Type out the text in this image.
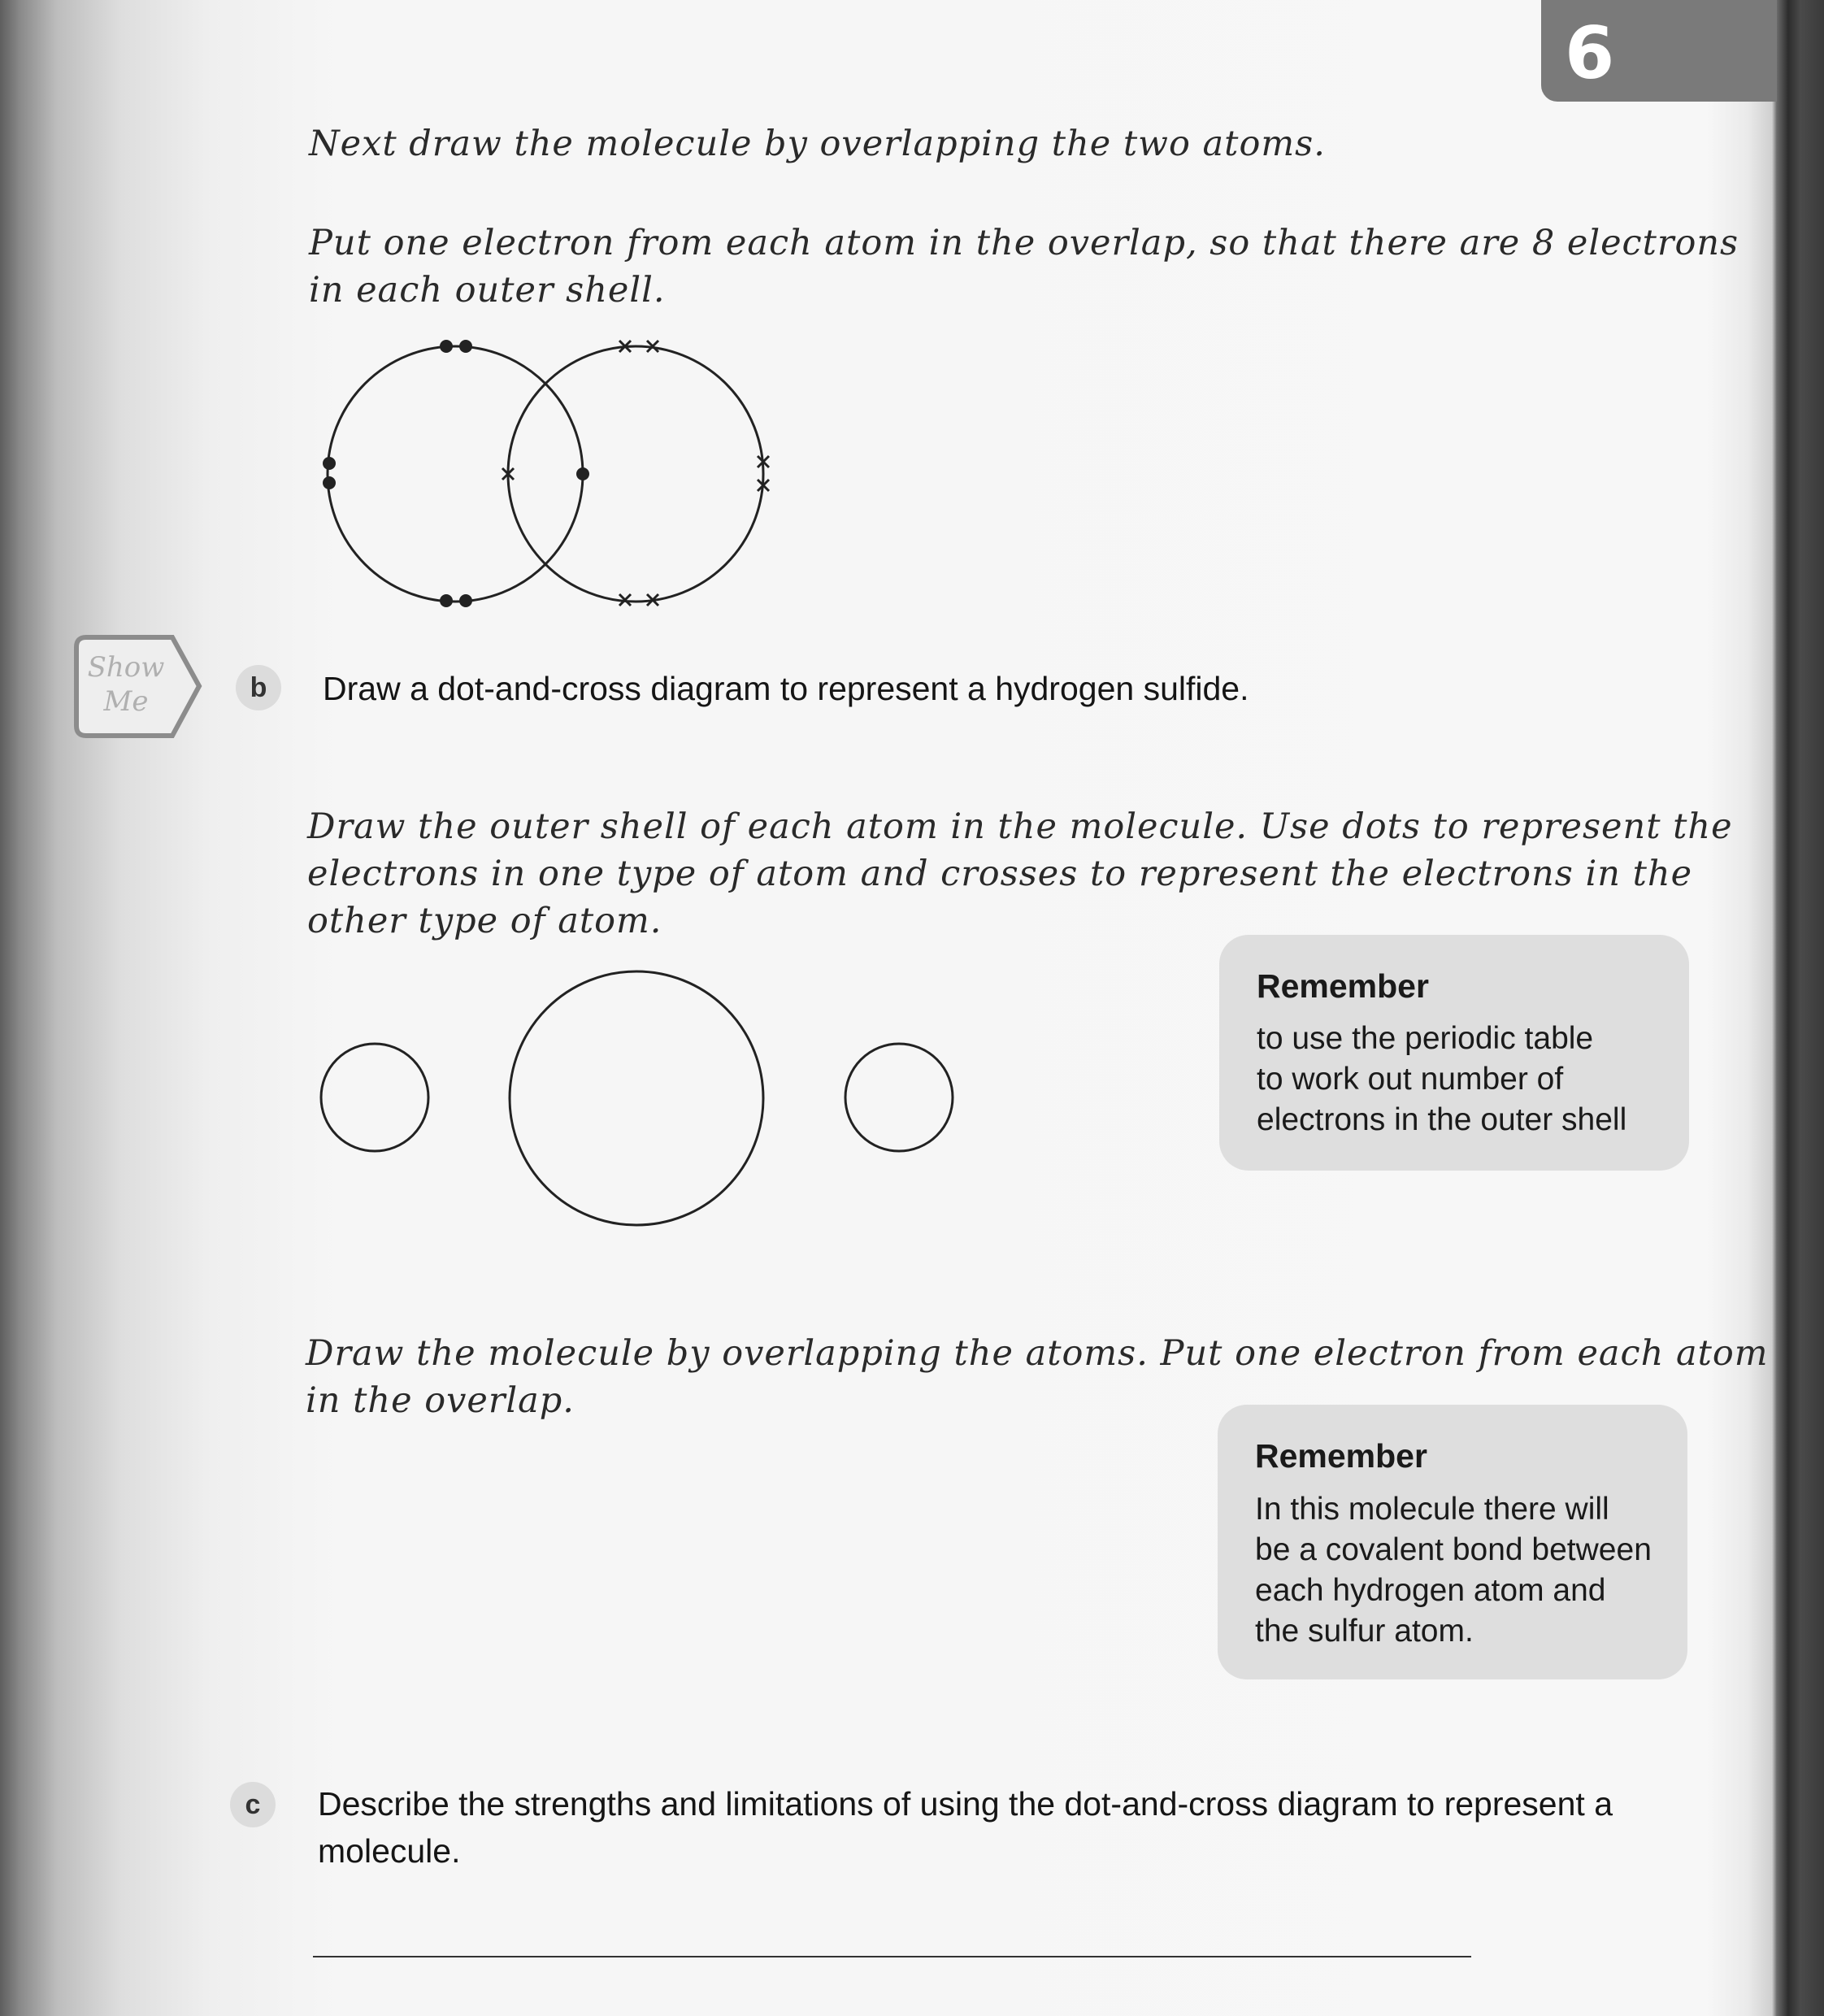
6
Next draw the molecule by overlapping the two atoms.
Put one electron from each atom in the overlap, so that there are 8 electrons
in each outer shell.
Show
Me	b	Draw a dot-and-cross diagram to represent a hydrogen sulfide.
Draw the outer shell of each atom in the molecule. Use dots to represent the
electrons in one type of atom and crosses to represent the electrons in the
other type of atom.
Remember
to use the periodic table
to work out number of
electrons in the outer shell
Draw the molecule by overlapping the atoms. Put one electron from each atom
in the overlap.
Remember
In this molecule there will
be a covalent bond between
each hydrogen atom and
the sulfur atom.
c	Describe the strengths and limitations of using the dot-and-cross diagram to represent a
molecule.
